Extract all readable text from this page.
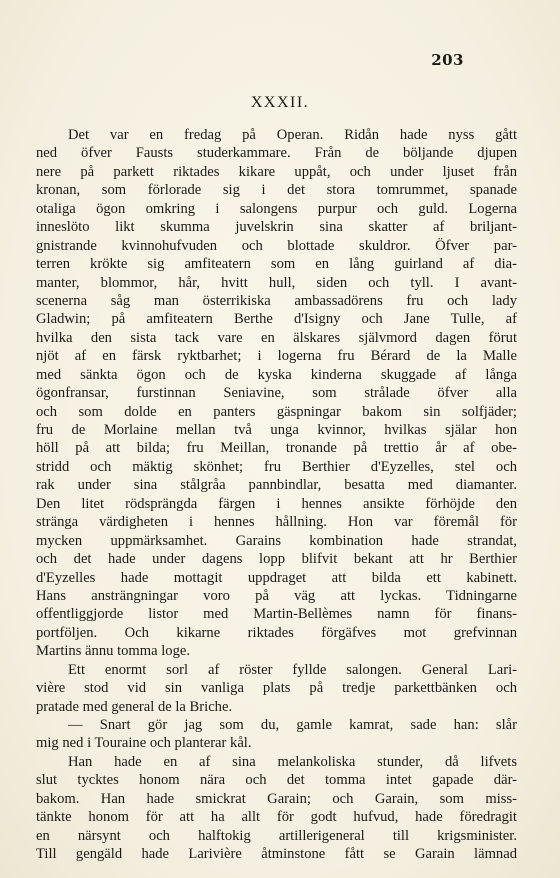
203
XXXII.
Det var en fredag på Operan. Ridån hade nyss gått
ned öfver Fausts studerkammare. Från de böljande djupen
nere på parkett riktades kikare uppåt, och under ljuset från
kronan, som förlorade sig i det stora tomrummet, spanade
otaliga ögon omkring i salongens purpur och guld. Logerna
inneslöto likt skumma juvelskrin sina skatter af briljant-
gnistrande kvinnohufvuden och blottade skuldror. Öfver par-
terren krökte sig amfiteatern som en lång guirland af dia-
manter, blommor, hår, hvitt hull, siden och tyll. I avant-
scenerna såg man österrikiska ambassadörens fru och lady
Gladwin; på amfiteatern Berthe d'Isigny och Jane Tulle, af
hvilka den sista tack vare en älskares självmord dagen förut
njöt af en färsk ryktbarhet; i logerna fru Bérard de la Malle
med sänkta ögon och de kyska kinderna skuggade af långa
ögonfransar, furstinnan Seniavine, som strålade öfver alla
och som dolde en panters gäspningar bakom sin solfjäder;
fru de Morlaine mellan två unga kvinnor, hvilkas själar hon
höll på att bilda; fru Meillan, tronande på trettio år af obe-
stridd och mäktig skönhet; fru Berthier d'Eyzelles, stel och
rak under sina stålgråa pannbindlar, besatta med diamanter.
Den litet rödsprängda färgen i hennes ansikte förhöjde den
stränga värdigheten i hennes hållning. Hon var föremål för
mycken uppmärksamhet. Garains kombination hade strandat,
och det hade under dagens lopp blifvit bekant att hr Berthier
d'Eyzelles hade mottagit uppdraget att bilda ett kabinett.
Hans ansträngningar voro på väg att lyckas. Tidningarne
offentliggjorde listor med Martin-Bellèmes namn för finans-
portföljen. Och kikarne riktades förgäfves mot grefvinnan
Martins ännu tomma loge.
Ett enormt sorl af röster fyllde salongen. General Lari-
vière stod vid sin vanliga plats på tredje parkettbänken och
pratade med general de la Briche.
— Snart gör jag som du, gamle kamrat, sade han: slår
mig ned i Touraine och planterar kål.
Han hade en af sina melankoliska stunder, då lifvets
slut tycktes honom nära och det tomma intet gapade där-
bakom. Han hade smickrat Garain; och Garain, som miss-
tänkte honom för att ha allt för godt hufvud, hade föredragit
en närsynt och halftokig artillerigeneral till krigsminister.
Till gengäld hade Larivière åtminstone fått se Garain lämnad
